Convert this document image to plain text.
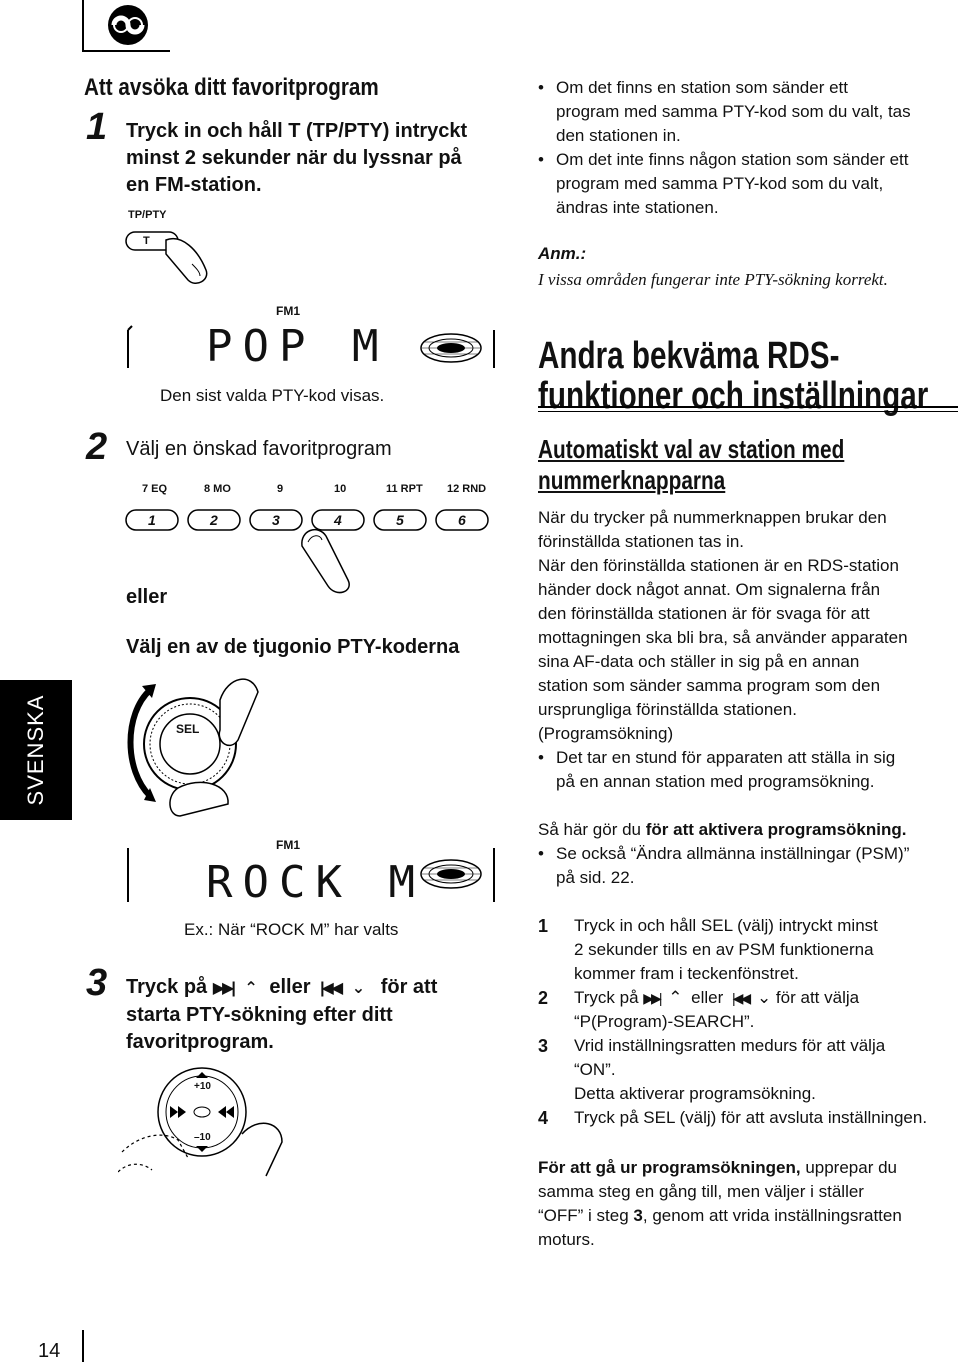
Att avsöka ditt favoritprogram
1 Tryck in och håll T (TP/PTY) intryckt
minst 2 sekunder när du lyssnar på
en FM-station.
TP/PTY
T
FM1
POP M
Den sist valda PTY-kod visas.
2 Välj en önskad favoritprogram
7 EQ	8 MO	9	10	11 RPT 12 RND
1	2	3	4	5	6
eller
Välj en av de tjugonio PTY-koderna
SEL
FM1
ROCK M
Ex.: När “ROCK M” har valts
3 Tryck på ▶▶| ⌃ eller |◀◀ ⌄ för att
starta PTY-sökning efter ditt
favoritprogram.
+10
–10
SVENSKA
• Om det finns en station som sänder ett
program med samma PTY-kod som du valt, tas
den stationen in.
• Om det inte finns någon station som sänder ett
program med samma PTY-kod som du valt,
ändras inte stationen.
Anm.:
I vissa områden fungerar inte PTY-sökning korrekt.
Andra bekväma RDS-
funktioner och inställningar
Automatiskt val av station med
nummerknapparna
När du trycker på nummerknappen brukar den
förinställda stationen tas in.
När den förinställda stationen är en RDS-station
händer dock något annat. Om signalerna från
den förinställda stationen är för svaga för att
mottagningen ska bli bra, så använder apparaten
sina AF-data och ställer in sig på en annan
station som sänder samma program som den
ursprungliga förinställda stationen.
(Programsökning)
• Det tar en stund för apparaten att ställa in sig
på en annan station med programsökning.
Så här gör du för att aktivera programsökning.
• Se också “Ändra allmänna inställningar (PSM)”
på sid. 22.
1	Tryck in och håll SEL (välj) intryckt minst
2 sekunder tills en av PSM funktionerna
kommer fram i teckenfönstret.
2	Tryck på ▶▶| ⌃ eller |◀◀ ⌄ för att välja
“P(Program)-SEARCH”.
3	Vrid inställningsratten medurs för att välja
“ON”.
Detta aktiverar programsökning.
4	Tryck på SEL (välj) för att avsluta inställningen.
För att gå ur programsökningen, upprepar du
samma steg en gång till, men väljer i ställer
“OFF” i steg 3, genom att vrida inställningsratten
moturs.
14
